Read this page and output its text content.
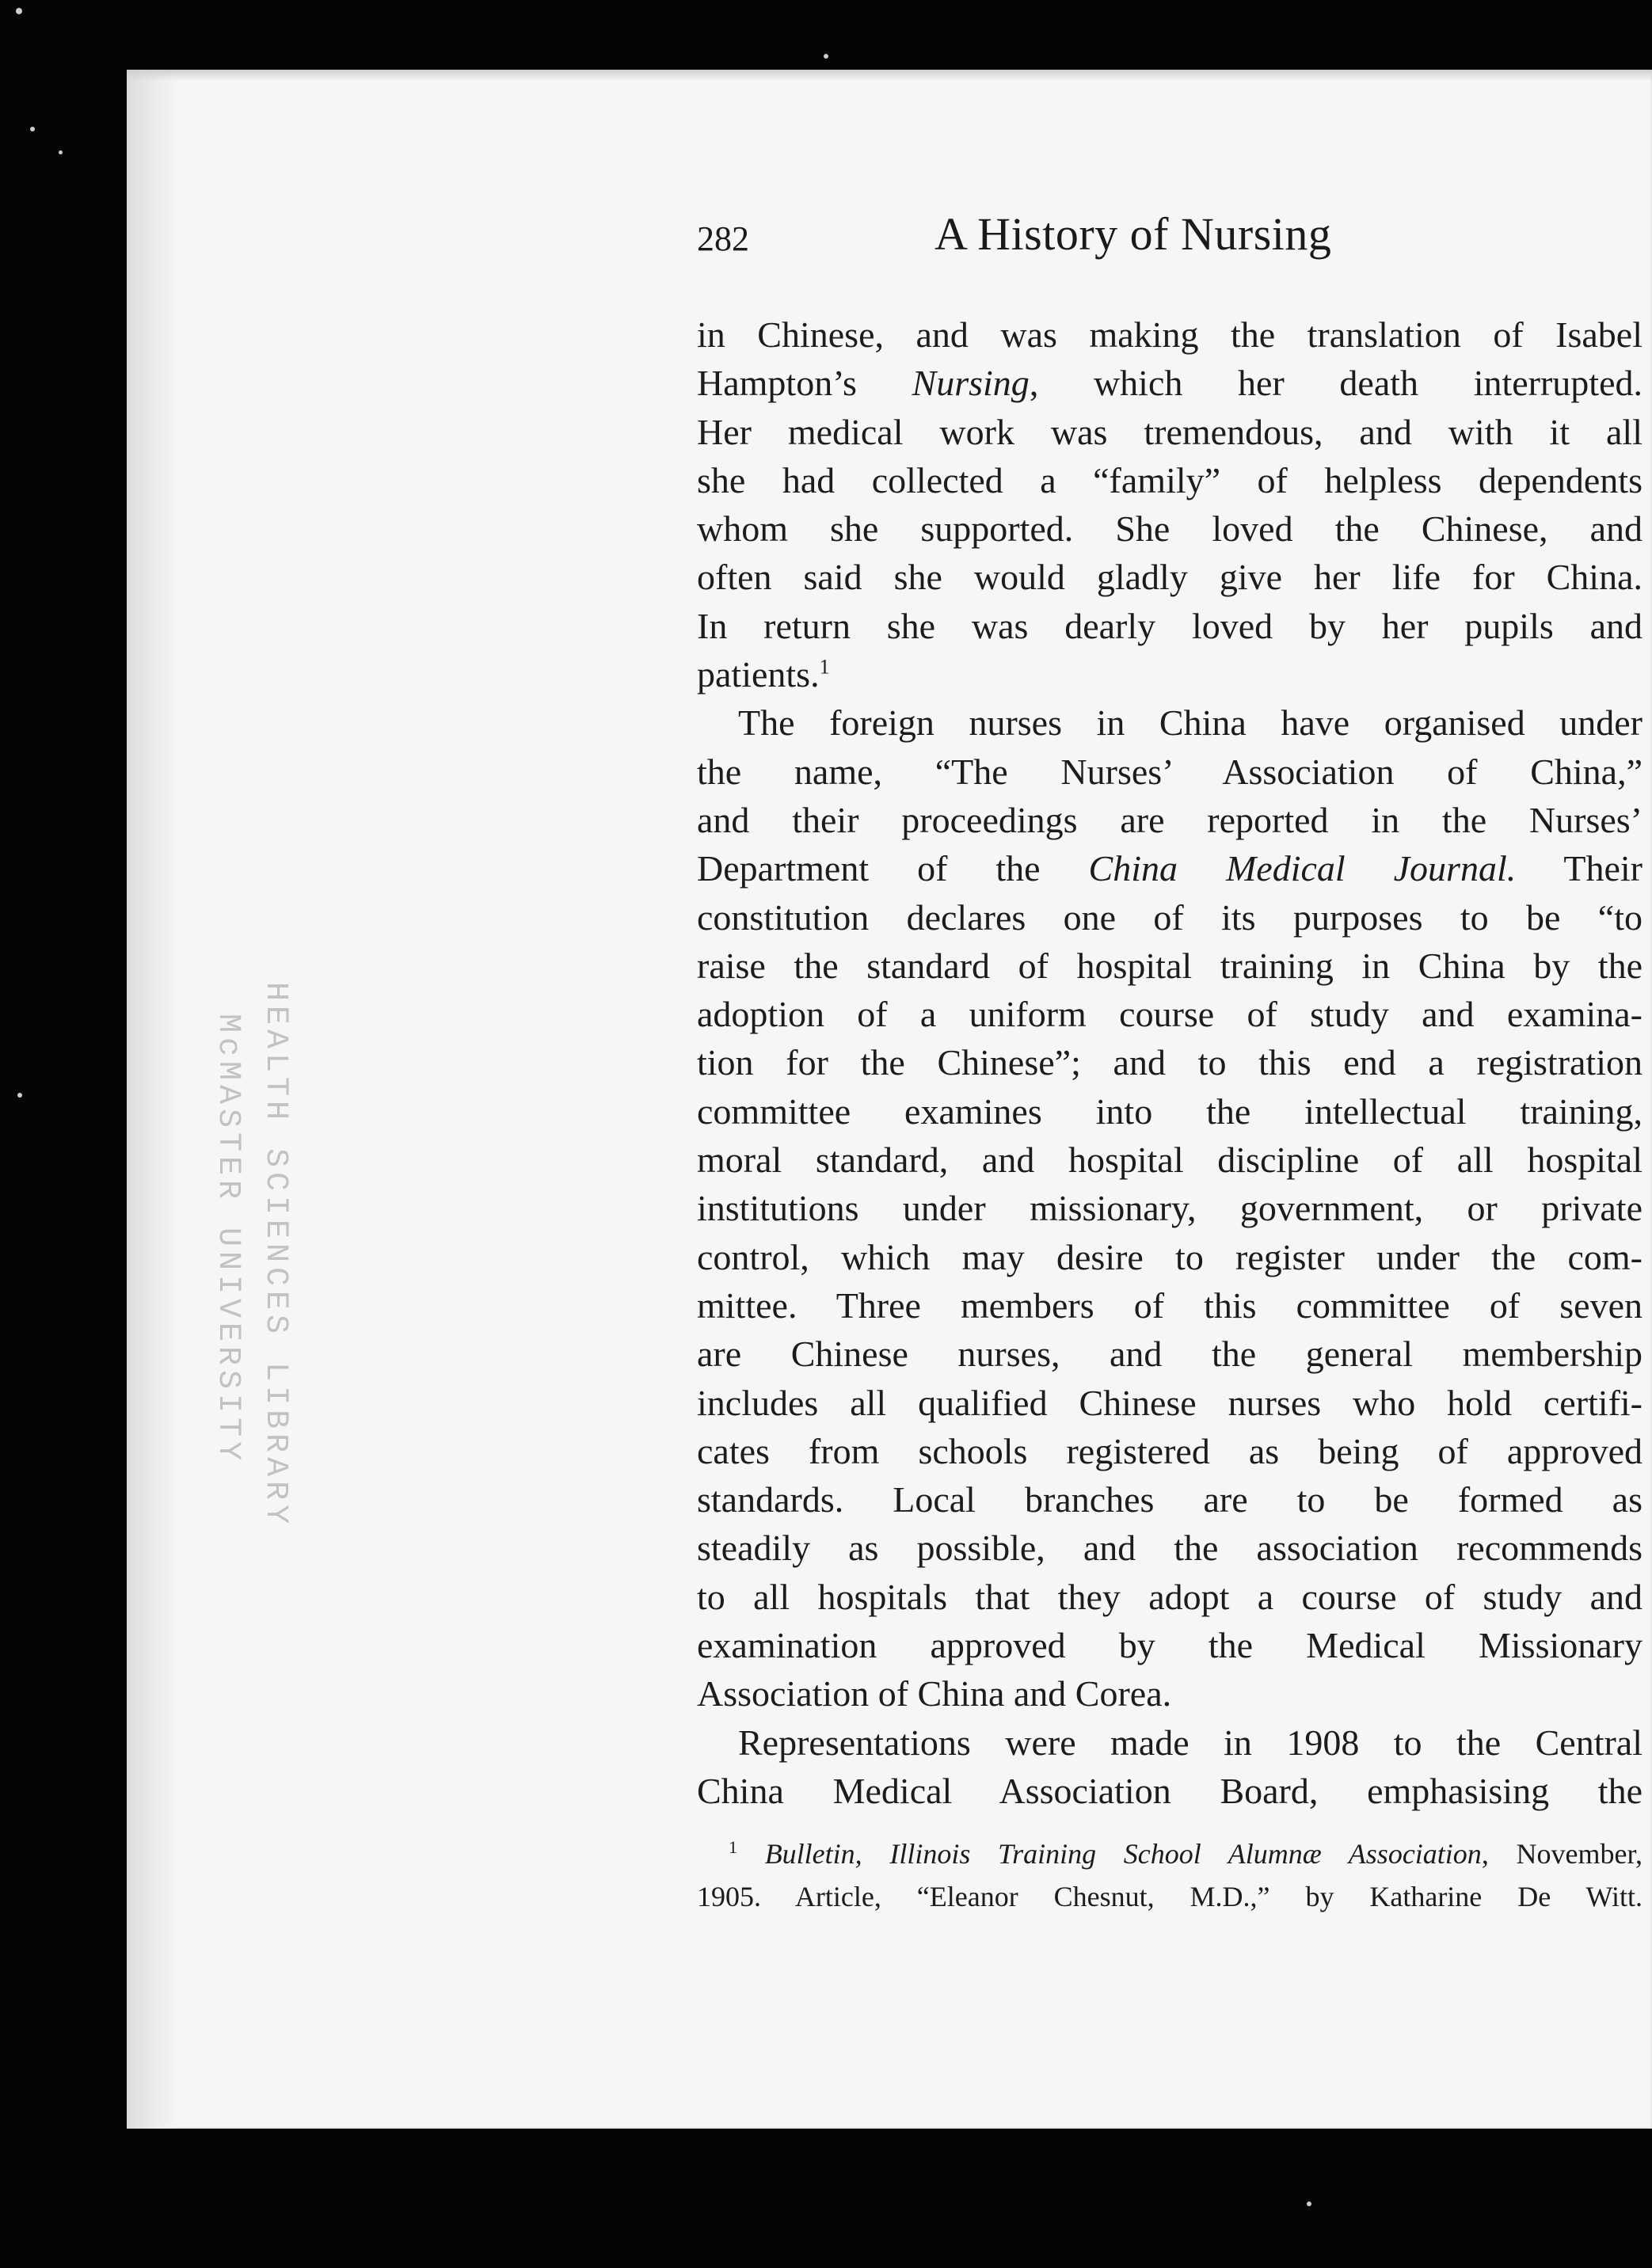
HEALTH SCIENCES LIBRARY
McMASTER UNIVERSITY
282	A History of Nursing
in Chinese, and was making the translation of Isabel
Hampton’s Nursing, which her death interrupted.
Her medical work was tremendous, and with it all
she had collected a “family” of helpless dependents
whom she supported. She loved the Chinese, and
often said she would gladly give her life for China.
In return she was dearly loved by her pupils and
patients.$^1$
The foreign nurses in China have organised under
the name, “The Nurses’ Association of China,”
and their proceedings are reported in the Nurses’
Department of the China Medical Journal. Their
constitution declares one of its purposes to be “to
raise the standard of hospital training in China by the
adoption of a uniform course of study and examina-
tion for the Chinese”; and to this end a registration
committee examines into the intellectual training,
moral standard, and hospital discipline of all hospital
institutions under missionary, government, or private
control, which may desire to register under the com-
mittee. Three members of this committee of seven
are Chinese nurses, and the general membership
includes all qualified Chinese nurses who hold certifi-
cates from schools registered as being of approved
standards. Local branches are to be formed as
steadily as possible, and the association recommends
to all hospitals that they adopt a course of study and
examination approved by the Medical Missionary
Association of China and Corea.
Representations were made in 1908 to the Central
China Medical Association Board, emphasising the
$^1$ Bulletin, Illinois Training School Alumnæ Association, November,
1905. Article, “Eleanor Chesnut, M.D.,” by Katharine De Witt.
